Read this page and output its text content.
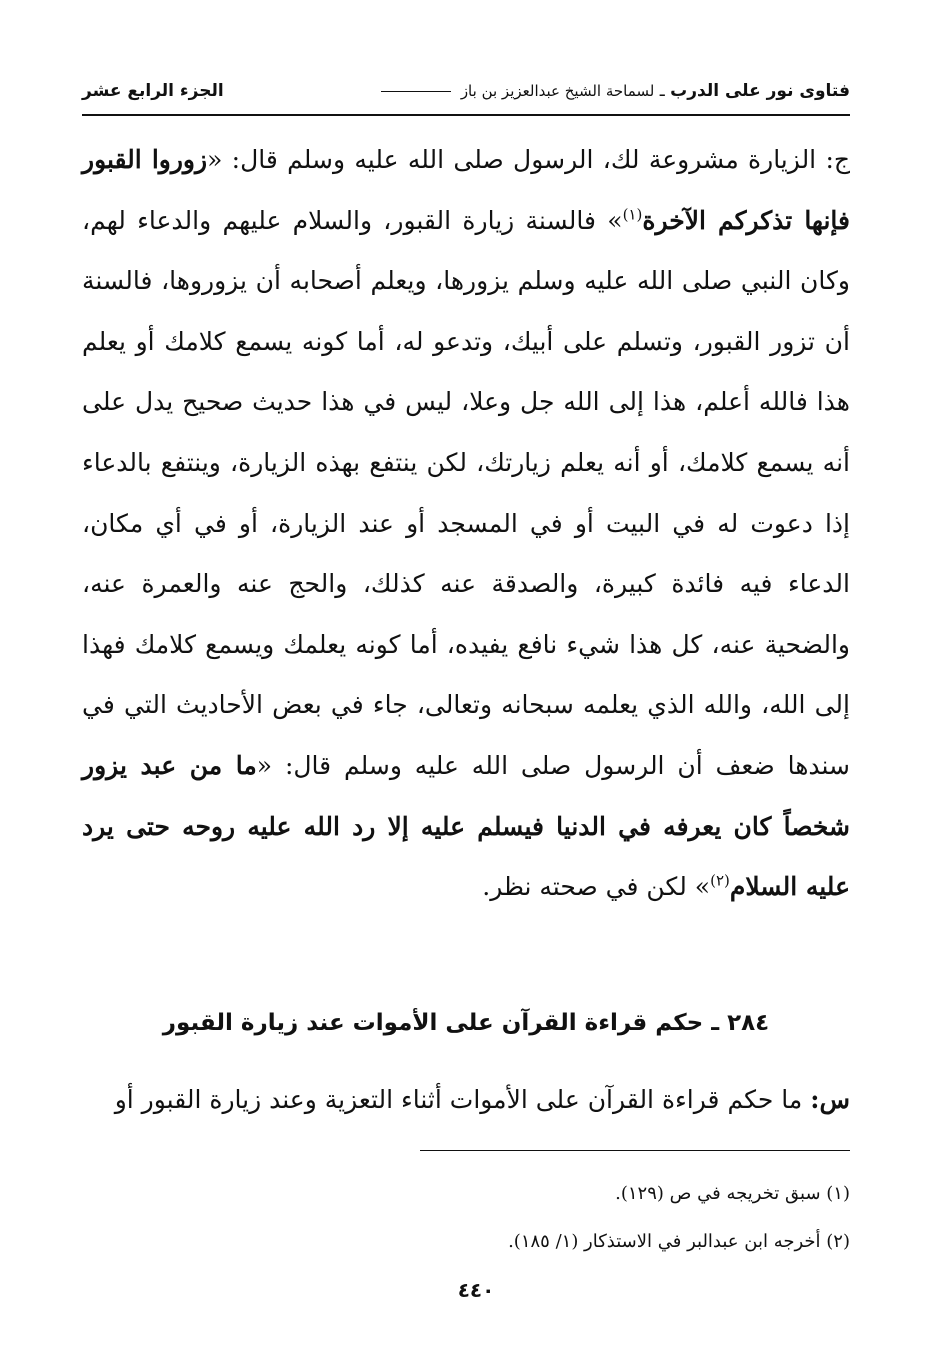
فتاوى نور على الدرب ـ لسماحة الشيخ عبدالعزيز بن باز
الجزء الرابع عشر

ج: الزيارة مشروعة لك، الرسول صلى الله عليه وسلم قال: «زوروا القبور فإنها تذكركم الآخرة$^{(١)}$» فالسنة زيارة القبور، والسلام عليهم والدعاء لهم، وكان النبي صلى الله عليه وسلم يزورها، ويعلم أصحابه أن يزوروها، فالسنة أن تزور القبور، وتسلم على أبيك، وتدعو له، أما كونه يسمع كلامك أو يعلم هذا فالله أعلم، هذا إلى الله جل وعلا، ليس في هذا حديث صحيح يدل على أنه يسمع كلامك، أو أنه يعلم زيارتك، لكن ينتفع بهذه الزيارة، وينتفع بالدعاء إذا دعوت له في البيت أو في المسجد أو عند الزيارة، أو في أي مكان، الدعاء فيه فائدة كبيرة، والصدقة عنه كذلك، والحج عنه والعمرة عنه، والضحية عنه، كل هذا شيء نافع يفيده، أما كونه يعلمك ويسمع كلامك فهذا إلى الله، والله الذي يعلمه سبحانه وتعالى، جاء في بعض الأحاديث التي في سندها ضعف أن الرسول صلى الله عليه وسلم قال: «ما من عبد يزور شخصاً كان يعرفه في الدنيا فيسلم عليه إلا رد الله عليه روحه حتى يرد عليه السلام$^{(٢)}$» لكن في صحته نظر.

٢٨٤ ـ حكم قراءة القرآن على الأموات عند زيارة القبور

س: ما حكم قراءة القرآن على الأموات أثناء التعزية وعند زيارة القبور أو

(١) سبق تخريجه في ص (١٢٩).
(٢) أخرجه ابن عبدالبر في الاستذكار (١/ ١٨٥).
٤٤٠
